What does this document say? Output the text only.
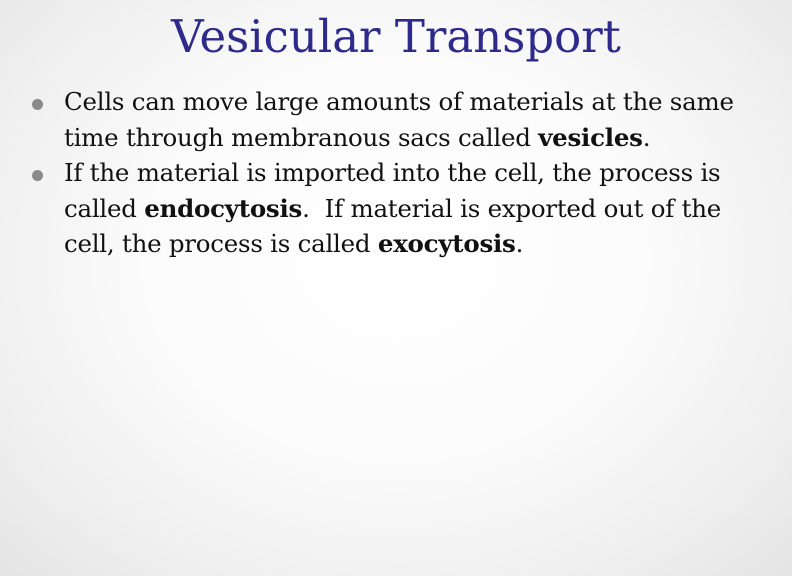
Vesicular Transport
Cells can move large amounts of materials at the same time through membranous sacs called vesicles.
If the material is imported into the cell, the process is called endocytosis.  If material is exported out of the cell, the process is called exocytosis.
